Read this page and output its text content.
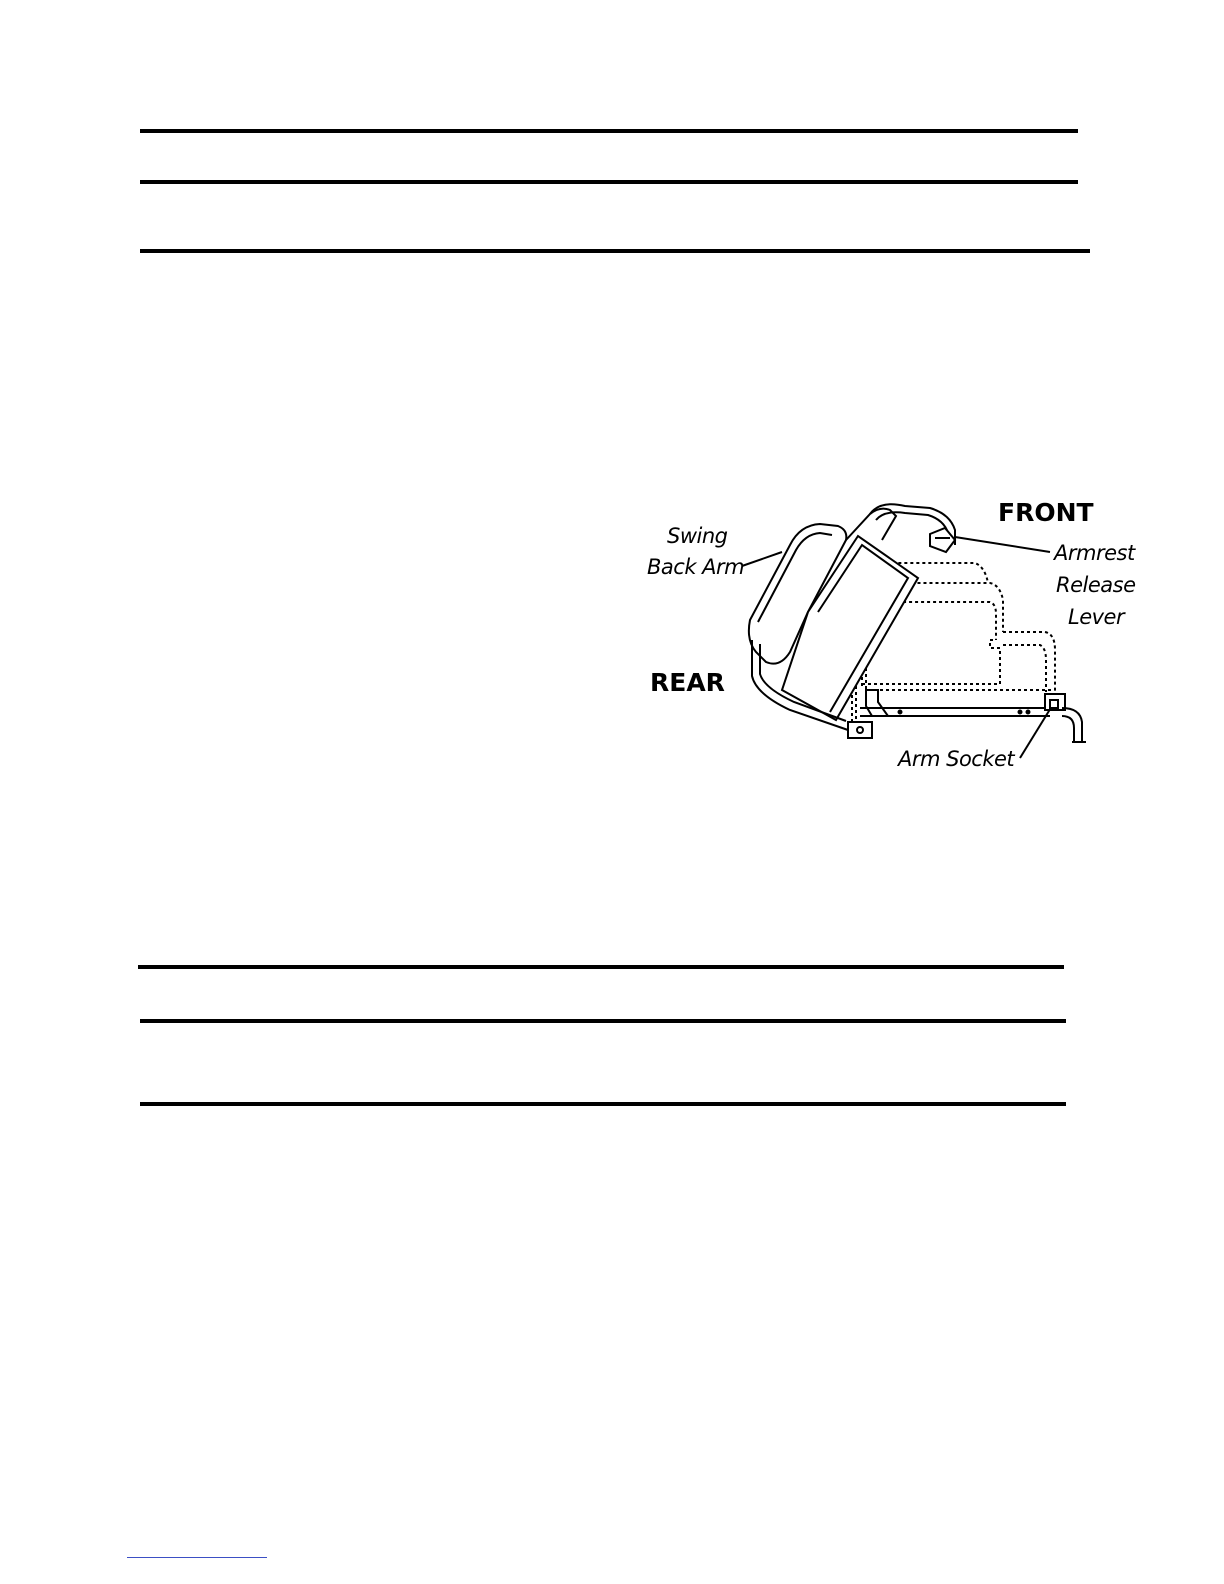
FRONT
REAR
Swing
Back Arm
Armrest
Release
Lever
Arm Socket
